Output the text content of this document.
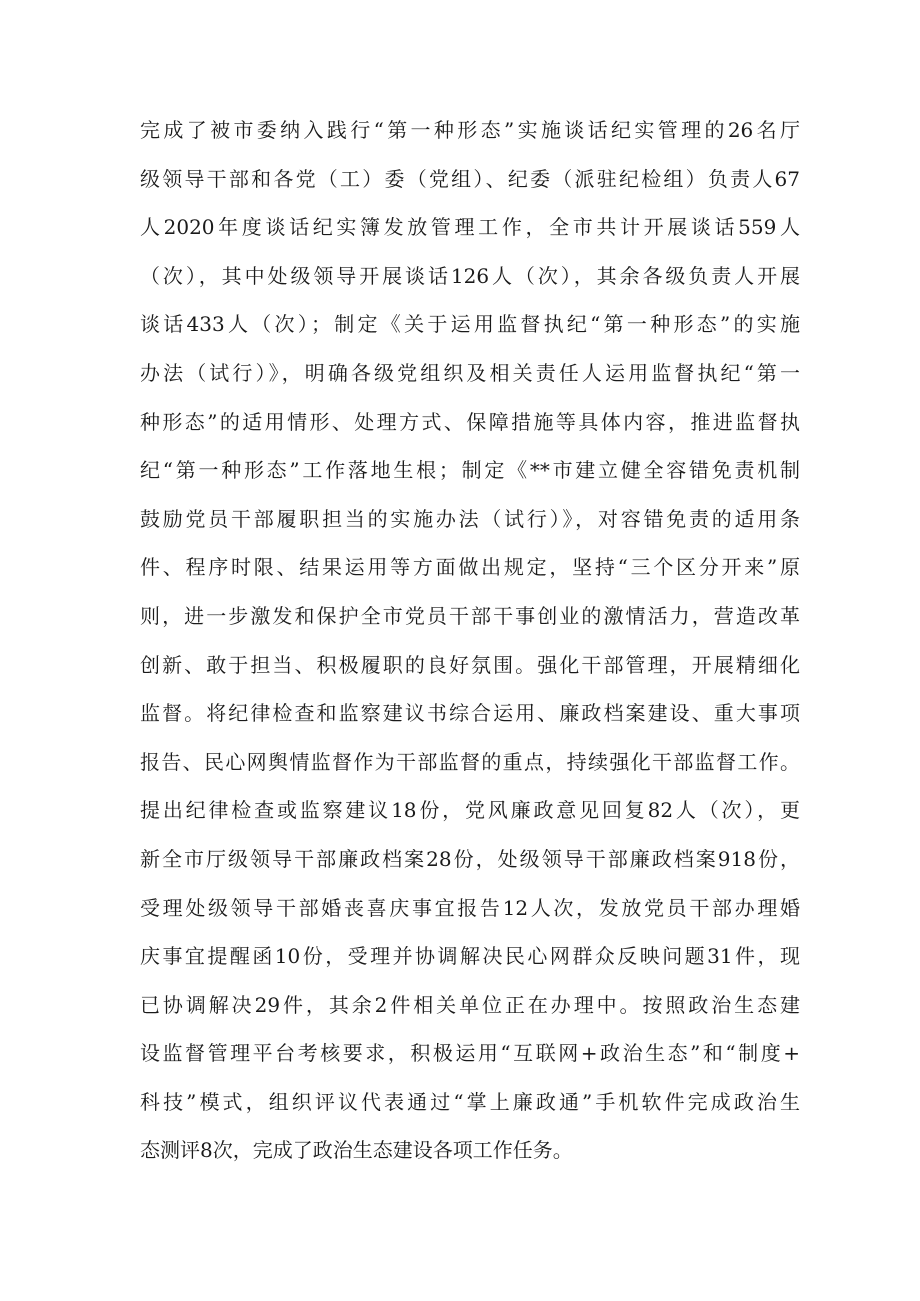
完成了被市委纳入践行“第一种形态”实施谈话纪实管理的26名厅
级领导干部和各党（工）委（党组）、纪委（派驻纪检组）负责人67
人2020年度谈话纪实簿发放管理工作，全市共计开展谈话559人
（次），其中处级领导开展谈话126人（次），其余各级负责人开展
谈话433人（次）；制定《关于运用监督执纪“第一种形态”的实施
办法（试行）》，明确各级党组织及相关责任人运用监督执纪“第一
种形态”的适用情形、处理方式、保障措施等具体内容，推进监督执
纪“第一种形态”工作落地生根；制定《**市建立健全容错免责机制
鼓励党员干部履职担当的实施办法（试行）》，对容错免责的适用条
件、程序时限、结果运用等方面做出规定，坚持“三个区分开来”原
则，进一步激发和保护全市党员干部干事创业的激情活力，营造改革
创新、敢于担当、积极履职的良好氛围。强化干部管理，开展精细化
监督。将纪律检查和监察建议书综合运用、廉政档案建设、重大事项
报告、民心网舆情监督作为干部监督的重点，持续强化干部监督工作。
提出纪律检查或监察建议18份，党风廉政意见回复82人（次），更
新全市厅级领导干部廉政档案28份，处级领导干部廉政档案918份，
受理处级领导干部婚丧喜庆事宜报告12人次，发放党员干部办理婚
庆事宜提醒函10份，受理并协调解决民心网群众反映问题31件，现
已协调解决29件，其余2件相关单位正在办理中。按照政治生态建
设监督管理平台考核要求，积极运用“互联网+政治生态”和“制度+
科技”模式，组织评议代表通过“掌上廉政通”手机软件完成政治生
态测评8次，完成了政治生态建设各项工作任务。
